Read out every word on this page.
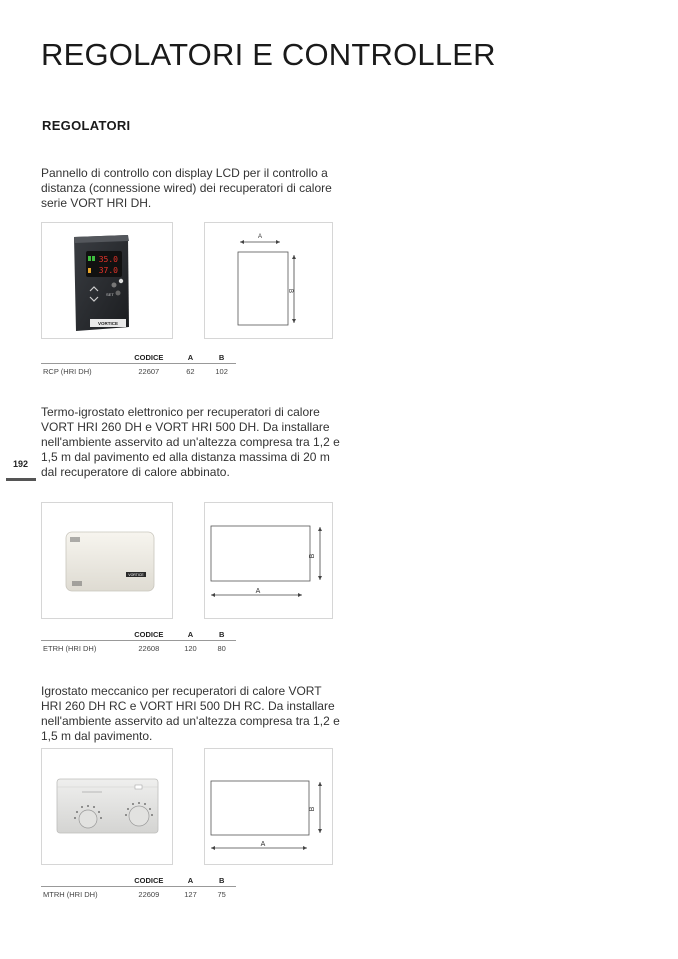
REGOLATORI E CONTROLLER
REGOLATORI
192

Pannello di controllo con display LCD per il controllo a distanza (connessione wired) dei recuperatori di calore serie VORT HRI DH.

35.0
37.0
SET
VORTICE
A
B
	CODICE	A	B
RCP (HRI DH)	22607	62	102

Termo-igrostato elettronico per recuperatori di calore VORT HRI 260 DH e VORT HRI 500 DH. Da installare nell'ambiente asservito ad un'altezza compresa tra 1,2 e 1,5 m dal pavimento ed alla distanza massima di 20 m dal recuperatore di calore abbinato.

VORTICE
B
A
	CODICE	A	B
ETRH (HRI DH)	22608	120	80

Igrostato meccanico per recuperatori di calore VORT HRI 260 DH RC e VORT HRI 500 DH RC. Da installare nell'ambiente asservito ad un'altezza compresa tra 1,2 e 1,5 m dal pavimento.

B
A
	CODICE	A	B
MTRH (HRI DH)	22609	127	75
